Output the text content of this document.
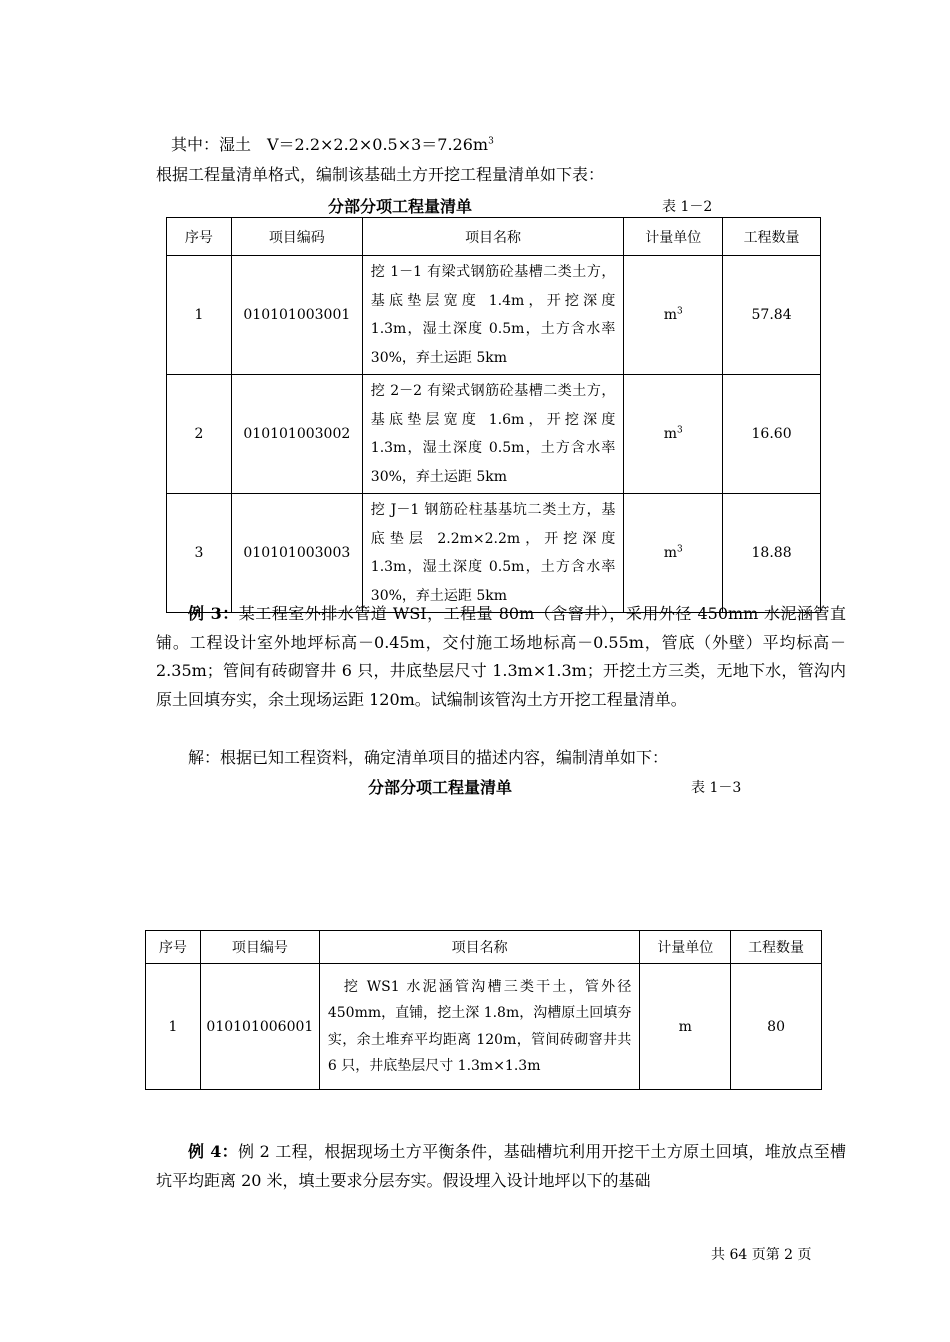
其中：湿土　$V=2.2\times 2.2\times 0.5\times 3=7.26m^3$
根据工程量清单格式，编制该基础土方开挖工程量清单如下表：
分部分项工程量清单	表 1－2
序号	项目编码	项目名称	计量单位	工程数量
1	010101003001	挖 1－1 有梁式钢筋砼基槽二类土方，基底垫层宽度 1.4m，开挖深度 1.3m，湿土深度 0.5m，土方含水率 30%，弃土运距 5km	$m^3$	57.84
2	010101003002	挖 2－2 有梁式钢筋砼基槽二类土方，基底垫层宽度 1.6m，开挖深度 1.3m，湿土深度 0.5m，土方含水率 30%，弃土运距 5km	$m^3$	16.60
3	010101003003	挖 J－1 钢筋砼柱基基坑二类土方，基底垫层 2.2m×2.2m，开挖深度 1.3m，湿土深度 0.5m，土方含水率 30%，弃土运距 5km	$m^3$	18.88
例 3：某工程室外排水管道 WSI，工程量 80m（含窨井），采用外径 450mm 水泥涵管直铺。工程设计室外地坪标高－0.45m，交付施工场地标高－0.55m，管底（外壁）平均标高－2.35m；管间有砖砌窨井 6 只，井底垫层尺寸 1.3m×1.3m；开挖土方三类，无地下水，管沟内原土回填夯实，余土现场运距 120m。试编制该管沟土方开挖工程量清单。
解：根据已知工程资料，确定清单项目的描述内容，编制清单如下：
分部分项工程量清单	表 1－3
序号	项目编号	项目名称	计量单位	工程数量
1	010101006001	挖 WS1 水泥涵管沟槽三类干土，管外径 450mm，直铺，挖土深 1.8m，沟槽原土回填夯实，余土堆弃平均距离 120m，管间砖砌窨井共 6 只，井底垫层尺寸 1.3m×1.3m	m	80
例 4：例 2 工程，根据现场土方平衡条件，基础槽坑利用开挖干土方原土回填，堆放点至槽坑平均距离 20 米，填土要求分层夯实。假设埋入设计地坪以下的基础
共 64 页第 2 页
